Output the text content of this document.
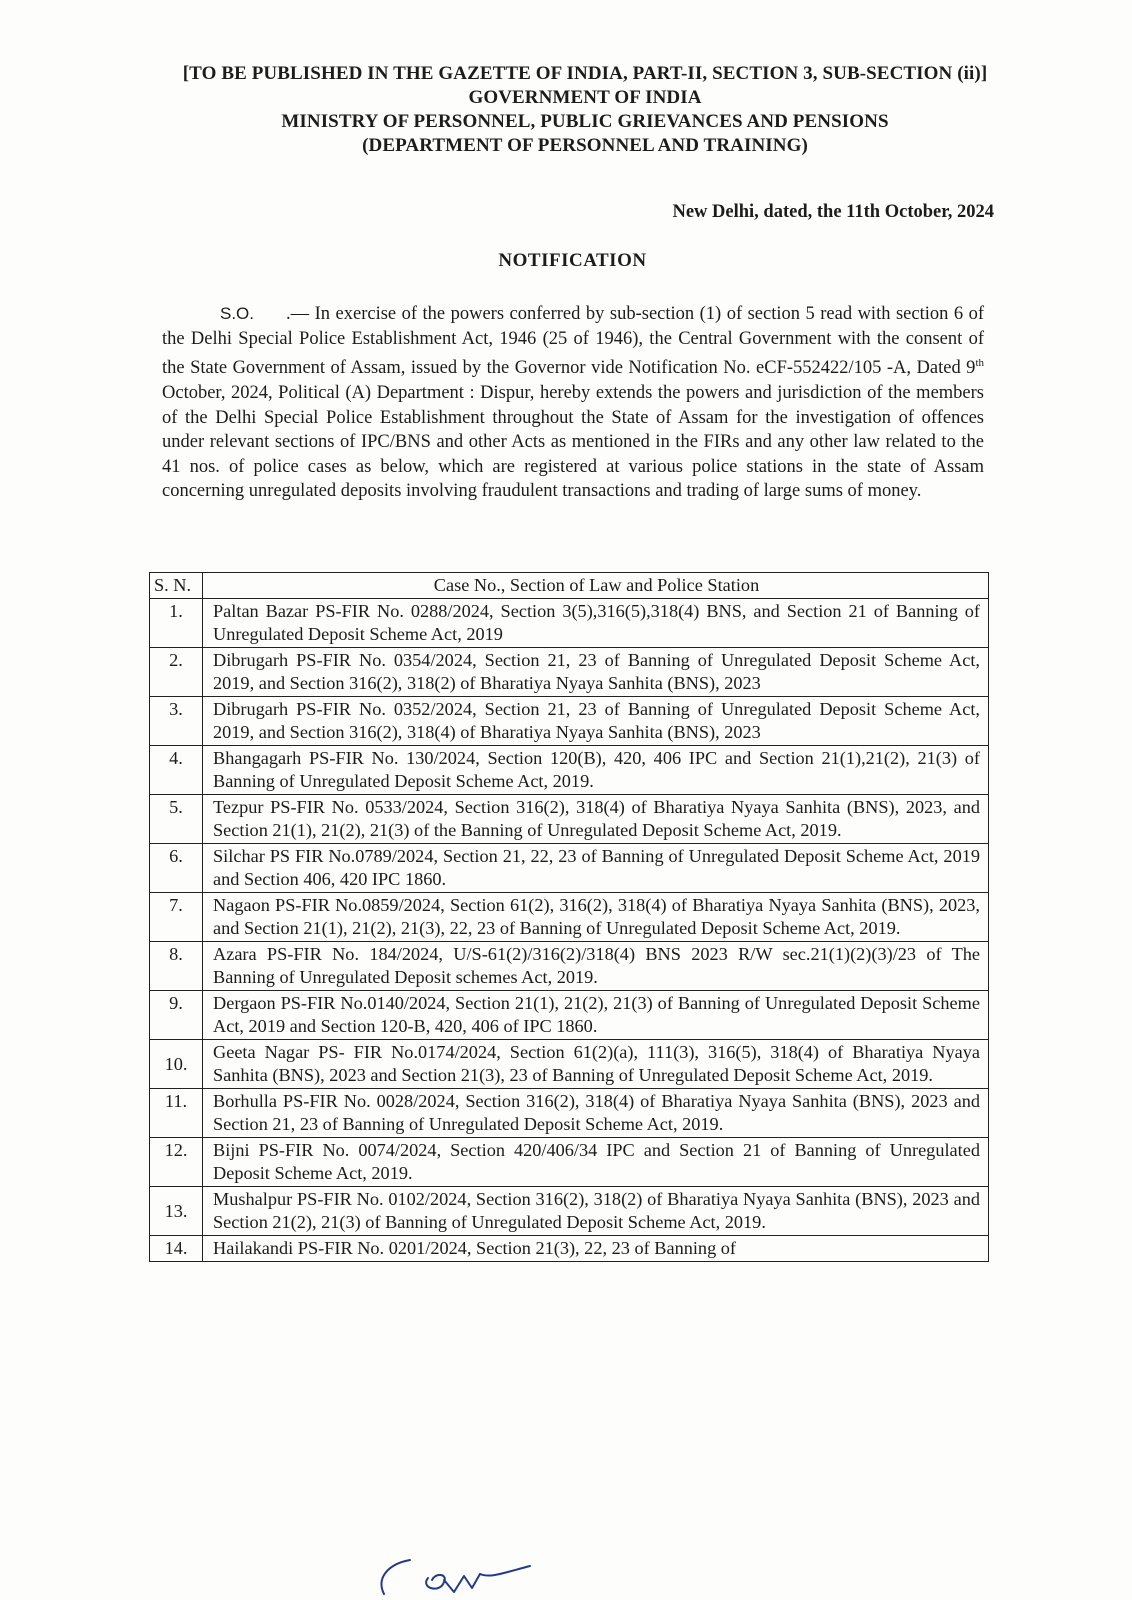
[TO BE PUBLISHED IN THE GAZETTE OF INDIA, PART-II, SECTION 3, SUB-SECTION (ii)]
GOVERNMENT OF INDIA
MINISTRY OF PERSONNEL, PUBLIC GRIEVANCES AND PENSIONS
(DEPARTMENT OF PERSONNEL AND TRAINING)
New Delhi, dated, the 11th October, 2024
NOTIFICATION
S.O. .— In exercise of the powers conferred by sub-section (1) of section 5 read with section 6 of the Delhi Special Police Establishment Act, 1946 (25 of 1946), the Central Government with the consent of the State Government of Assam, issued by the Governor vide Notification No. eCF-552422/105 -A, Dated 9th October, 2024, Political (A) Department : Dispur, hereby extends the powers and jurisdiction of the members of the Delhi Special Police Establishment throughout the State of Assam for the investigation of offences under relevant sections of IPC/BNS and other Acts as mentioned in the FIRs and any other law related to the 41 nos. of police cases as below, which are registered at various police stations in the state of Assam concerning unregulated deposits involving fraudulent transactions and trading of large sums of money.
S. N.	Case No., Section of Law and Police Station
1.	Paltan Bazar PS-FIR No. 0288/2024, Section 3(5),316(5),318(4) BNS, and Section 21 of Banning of Unregulated Deposit Scheme Act, 2019
2.	Dibrugarh PS-FIR No. 0354/2024, Section 21, 23 of Banning of Unregulated Deposit Scheme Act, 2019, and Section 316(2), 318(2) of Bharatiya Nyaya Sanhita (BNS), 2023
3.	Dibrugarh PS-FIR No. 0352/2024, Section 21, 23 of Banning of Unregulated Deposit Scheme Act, 2019, and Section 316(2), 318(4) of Bharatiya Nyaya Sanhita (BNS), 2023
4.	Bhangagarh PS-FIR No. 130/2024, Section 120(B), 420, 406 IPC and Section 21(1),21(2), 21(3) of Banning of Unregulated Deposit Scheme Act, 2019.
5.	Tezpur PS-FIR No. 0533/2024, Section 316(2), 318(4) of Bharatiya Nyaya Sanhita (BNS), 2023, and Section 21(1), 21(2), 21(3) of the Banning of Unregulated Deposit Scheme Act, 2019.
6.	Silchar PS FIR No.0789/2024, Section 21, 22, 23 of Banning of Unregulated Deposit Scheme Act, 2019 and Section 406, 420 IPC 1860.
7.	Nagaon PS-FIR No.0859/2024, Section 61(2), 316(2), 318(4) of Bharatiya Nyaya Sanhita (BNS), 2023, and Section 21(1), 21(2), 21(3), 22, 23 of Banning of Unregulated Deposit Scheme Act, 2019.
8.	Azara PS-FIR No. 184/2024, U/S-61(2)/316(2)/318(4) BNS 2023 R/W sec.21(1)(2)(3)/23 of The Banning of Unregulated Deposit schemes Act, 2019.
9.	Dergaon PS-FIR No.0140/2024, Section 21(1), 21(2), 21(3) of Banning of Unregulated Deposit Scheme Act, 2019 and Section 120-B, 420, 406 of IPC 1860.
10.	Geeta Nagar PS- FIR No.0174/2024, Section 61(2)(a), 111(3), 316(5), 318(4) of Bharatiya Nyaya Sanhita (BNS), 2023 and Section 21(3), 23 of Banning of Unregulated Deposit Scheme Act, 2019.
11.	Borhulla PS-FIR No. 0028/2024, Section 316(2), 318(4) of Bharatiya Nyaya Sanhita (BNS), 2023 and Section 21, 23 of Banning of Unregulated Deposit Scheme Act, 2019.
12.	Bijni PS-FIR No. 0074/2024, Section 420/406/34 IPC and Section 21 of Banning of Unregulated Deposit Scheme Act, 2019.
13.	Mushalpur PS-FIR No. 0102/2024, Section 316(2), 318(2) of Bharatiya Nyaya Sanhita (BNS), 2023 and Section 21(2), 21(3) of Banning of Unregulated Deposit Scheme Act, 2019.
14.	Hailakandi PS-FIR No. 0201/2024, Section 21(3), 22, 23 of Banning of
